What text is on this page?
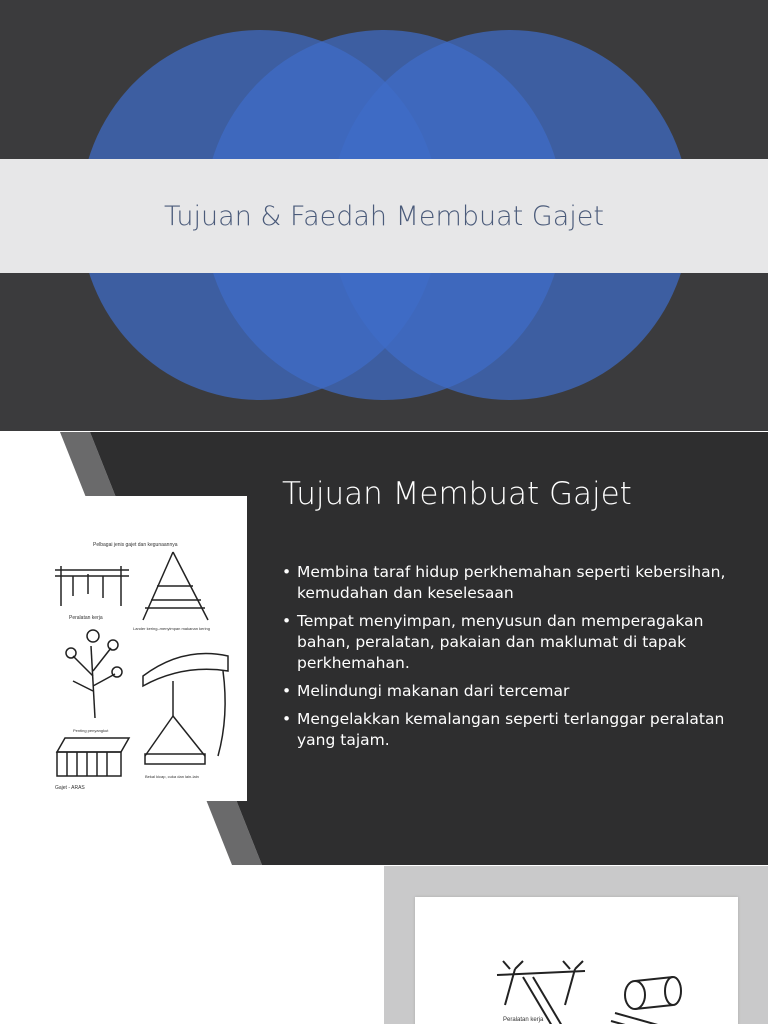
Tujuan & Faedah Membuat Gajet
Pelbagai jenis gajet dan kegunaannya
Peralatan kerja
Lander kering–menyimpan makanan kering
Penting penyangkut
Bekal kicap, cuka dan lain-lain
Gajet - ARAS
Tujuan Membuat Gajet
• Membina taraf hidup perkhemahan seperti kebersihan, kemudahan dan keselesaan
• Tempat menyimpan, menyusun dan memperagakan bahan, peralatan, pakaian dan maklumat di tapak perkhemahan.
• Melindungi makanan dari tercemar
• Mengelakkan kemalangan seperti terlanggar peralatan yang tajam.
Peralatan kerja
